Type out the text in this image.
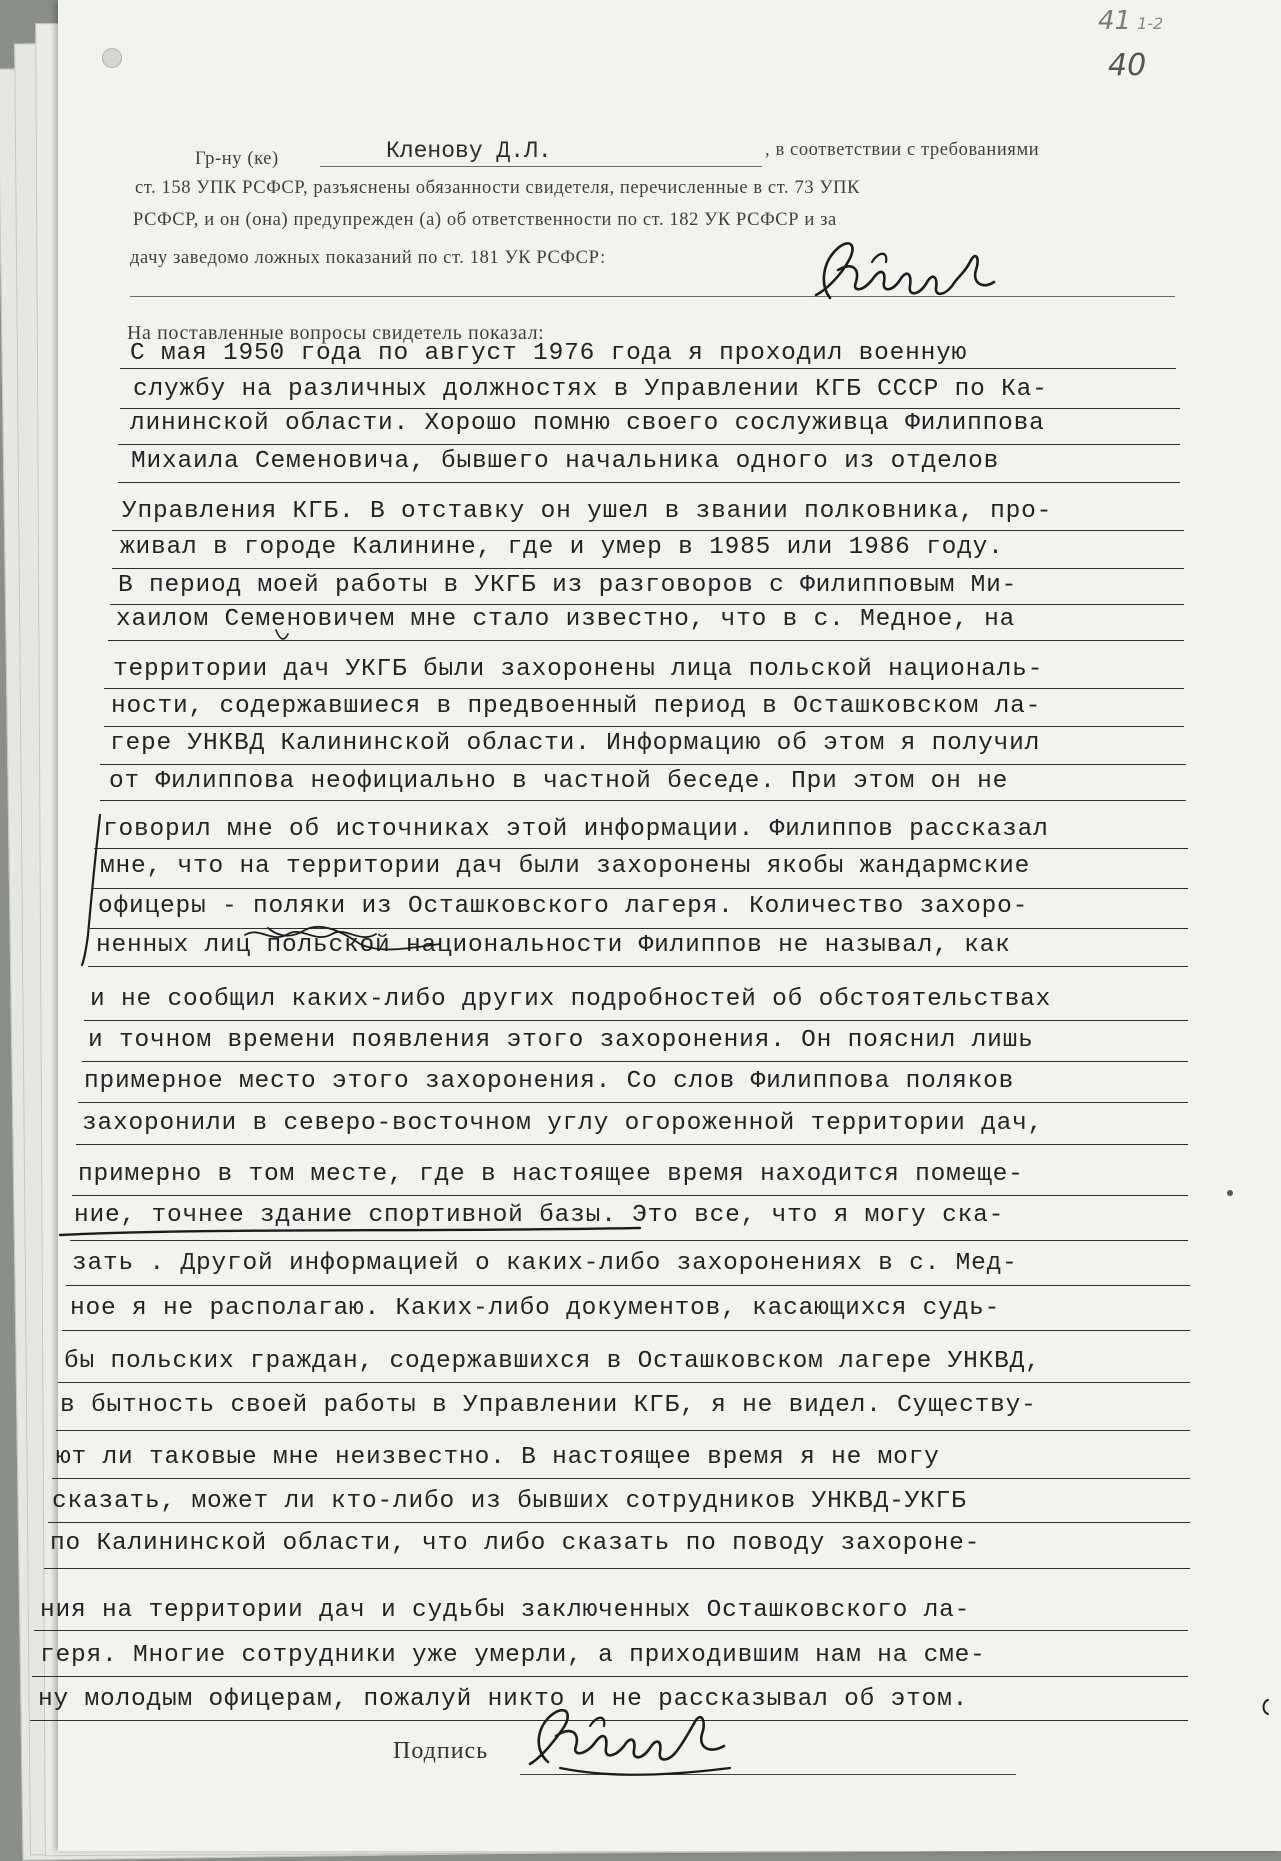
41 1-2
40
Гр-ну (ке)	Кленову Д.Л.	, в соответствии с требованиями
ст. 158 УПК РСФСР, разъяснены обязанности свидетеля, перечисленные в ст. 73 УПК
РСФСР, и он (она) предупрежден (а) об ответственности по ст. 182 УК РСФСР и за
дачу заведомо ложных показаний по ст. 181 УК РСФСР:
На поставленные вопросы свидетель показал:
С мая 1950 года по август 1976 года я проходил военную
службу на различных должностях в Управлении КГБ СССР по Ка-
лининской области. Хорошо помню своего сослуживца Филиппова
Михаила Семеновича, бывшего начальника одного из отделов
Управления КГБ. В отставку он ушел в звании полковника, про-
живал в городе Калинине, где и умер в 1985 или 1986 году.
В период моей работы в УКГБ из разговоров с Филипповым Ми-
хаилом Семеновичем мне стало известно, что в с. Медное, на
территории дач УКГБ были захоронены лица польской националь-
ности, содержавшиеся в предвоенный период в Осташковском ла-
гере УНКВД Калининской области. Информацию об этом я получил
от Филиппова неофициально в частной беседе. При этом он не
говорил мне об источниках этой информации. Филиппов рассказал
мне, что на территории дач были захоронены якобы жандармские
офицеры - поляки из Осташковского лагеря. Количество захоро-
ненных лиц польской национальности Филиппов не называл, как
и не сообщил каких-либо других подробностей об обстоятельствах
и точном времени появления этого захоронения. Он пояснил лишь
примерное место этого захоронения. Со слов Филиппова поляков
захоронили в северо-восточном углу огороженной территории дач,
примерно в том месте, где в настоящее время находится помеще-
ние, точнее здание спортивной базы. Это все, что я могу ска-
зать . Другой информацией о каких-либо захоронениях в с. Мед-
ное я не располагаю. Каких-либо документов, касающихся судь-
бы польских граждан, содержавшихся в Осташковском лагере УНКВД,
в бытность своей работы в Управлении КГБ, я не видел. Существу-
ют ли таковые мне неизвестно. В настоящее время я не могу
сказать, может ли кто-либо из бывших сотрудников УНКВД-УКГБ
по Калининской области, что либо сказать по поводу захороне-
ния на территории дач и судьбы заключенных Осташковского ла-
геря. Многие сотрудники уже умерли, а приходившим нам на сме-
ну молодым офицерам, пожалуй никто и не рассказывал об этом.
Подпись
